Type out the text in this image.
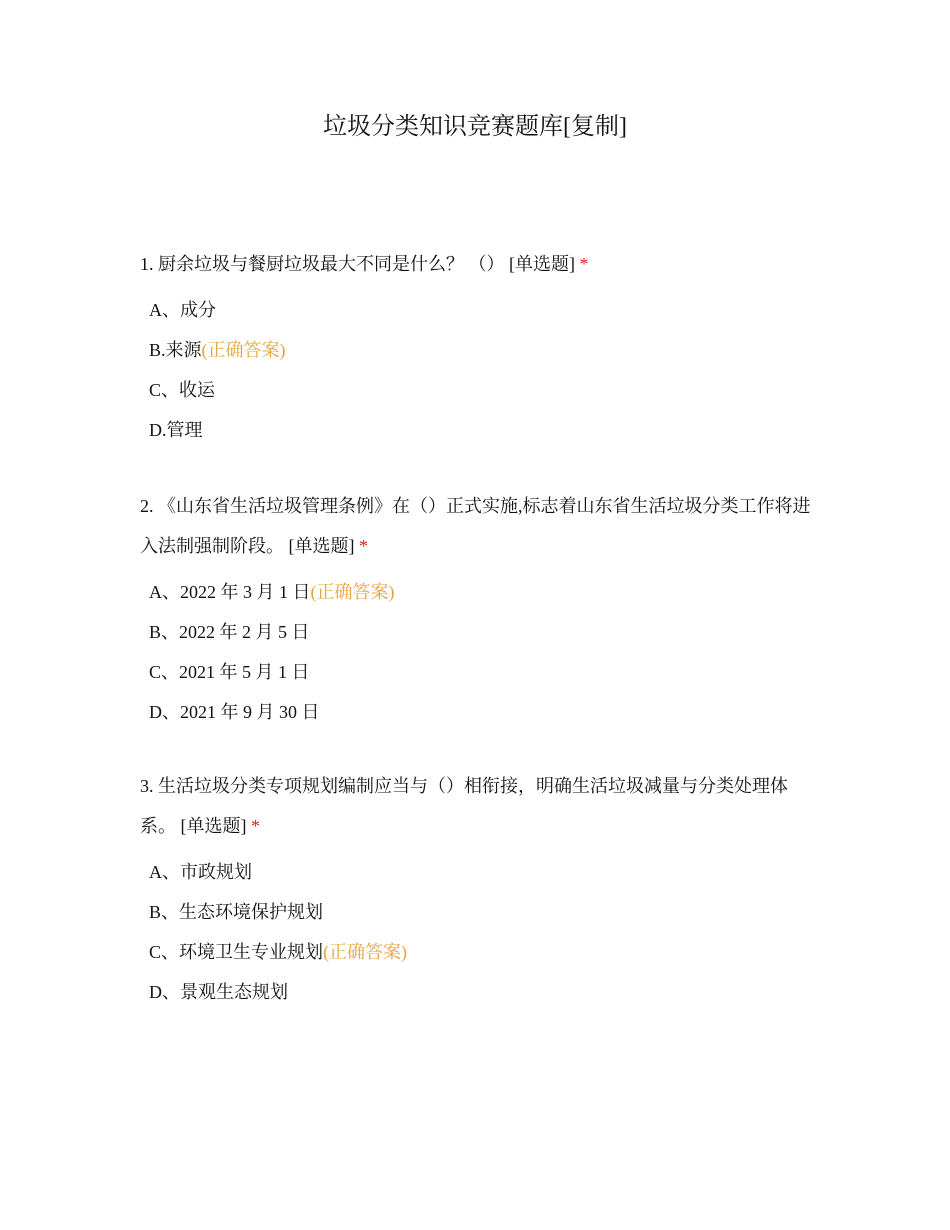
垃圾分类知识竞赛题库[复制]

1. 厨余垃圾与餐厨垃圾最大不同是什么？ （） [单选题] *

A、成分
B.来源(正确答案)
C、收运
D.管理

2. 《山东省生活垃圾管理条例》在（）正式实施,标志着山东省生活垃圾分类工作将进入法制强制阶段。 [单选题] *

A、2022 年 3 月 1 日(正确答案)
B、2022 年 2 月 5 日
C、2021 年 5 月 1 日
D、2021 年 9 月 30 日

3. 生活垃圾分类专项规划编制应当与（）相衔接，明确生活垃圾减量与分类处理体系。 [单选题] *

A、市政规划
B、生态环境保护规划
C、环境卫生专业规划(正确答案)
D、景观生态规划
